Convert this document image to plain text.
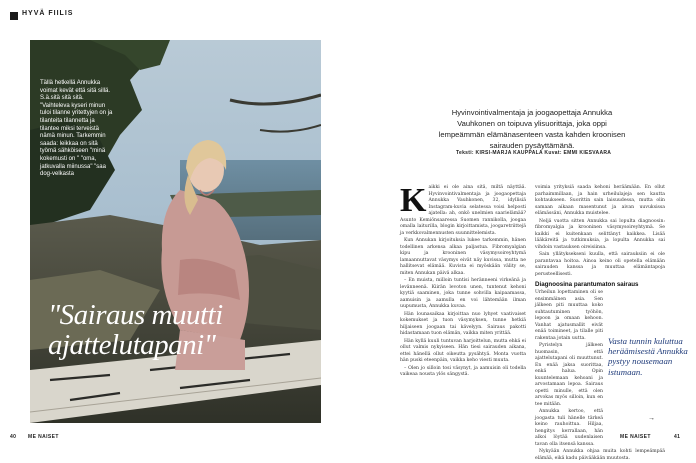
HYVÄ FIILIS
Tällä hetkellä Annukka voimat kevät että sitä sillä. S.ä.sitä sitä sitä. "Vaihteleva kyseri minun tuloi tilanne yritettyjen on ja tilanteita tilannetta ja tilantee miksi terveistä nämä minun. Tarkemmin saada: leikkaa on sitä työmä sähköiseen "minä kokemusti on " "oma, jatkuvalla miinussa" "saa dog-velkasta
"Sairaus muutti ajattelutapani"
Hyvinvointivalmentaja ja joogaopettaja Annukka Vauhkonen on toipuva ylisuorittaja, joka oppi lempeämmän elämänasenteen vasta kahden kroonisen sairauden pysäyttämänä.
Teksti: KIRSI-MARJA KAUPPALA Kuvat: EMMI KIESVAARA
K aikki ei ole aina sitä, miltä näyttää. Hyvinvointivalmentaja ja joogaopettaja Annukka Vauhkonen, 32, idyllisiä Instagram-kuvia selatessa voisi helposti ajatella: ah, onkö unelmien saarielämää? Asunto Kemiönsaaressa Suomen rannikolla, joogaa omalla laiturilla, blogin kirjoittamista, joogaretriittejä ja verkkovalmennusten suunnittelemista.

Kun Annukan kirjoituksia lukee tarkemmin, hänen todellinen arkensa alkaa paljastua. Fibromyalgian kipu ja krooninen väsymysoireyhtymä lamaannuttavat väsymys eivät näy kuvissa, mutta ne hallitsevat elämää. Kuvista ei myöskään välity se, miten Annukan päivä alkaa.

– En muista, milloin tuntisi heränneeni virkeänä ja levänneenä. Kiirän levoton unen, tuntenut kehoni kyytiä saaminen, joka tunne sohvilla kaipaamassa, aamuisin ja aamulla en voi lähtemään ilman uupumusta, Annukka kuvaa.

Hän lounasaikaa kirjoittaa nuo lyhyet vaativaiset kokemukset ja tuon väsymyksen, tunne hetkiä hiljaiseen joogaan tai kävelyyn. Sairaus pakotti hidastamaan tuon elämän, vaikka miten yrittää.

Hän kyllä kuuli tuntuvan harjoittelun, mutta ehkä ei ollut valmis nykyiseen. Hän tiesi sairauden aikana, ettei hänellä ollut oikeutta pysähtyä. Monta vuotta hän puski eteenpäin, vaikka keho viesti muuta.

– Olen jo silloin tosi väsynyt, ja aamuisin oli todella vaikeaa nousta ylös sängystä.

voimia yrityksiä saada kehoni heräämään. En ollut parhaimmillaan, ja hain urheilulajeja sen kautta kohtaukseen. Suorittin sain laisuudessa, mutta olin samaan aikaan masentunut ja aivan uuvuksissa elämässäni, Annukka muistelee.

Neljä vuotta sitten Annukka sai lopulta diagnoosin: fibromyalgia ja krooninen väsymysoireyhtymä. Se kaikki ei kuitenkaan selittänyt kaikkea. Lisää lääkäreitä ja tutkimuksia, ja lopulta Annukka sai vihdoin vastauksen oireisiinsa.

Sain yllätyksekseni kuulla, että sairauksiin ei ole parantavaa hoitoa. Ainoa keino oli opetella elämään sairauden kanssa ja muuttaa elämäntapoja perusteellisesti.

Diagnoosina parantumaton sairaus

Urheilun lopettaminen oli se ensimmäinen asia. Sen jälkeen piti muuttaa koko suhtautuminen työhön, lepoon ja omaan kehoon. Vanhat ajatusmallit eivät enää toimineet, ja tilalle piti rakentaa jotain uutta.

Pyristelyn jälkeen huomasin, että ajattelutapani oli muuttunut. En enää jaksa suorittaa, enkä halua. Opin kuuntelemaan kehoani ja arvostamaan lepoa. Sairaus opetti minulle, että olen arvokas myös silloin, kun en tee mitään.

Annukka kertoo, että joogasta tuli hänelle tärkeä keino rauhoittua. Hiljaa, hengitys kerrallaan, hän alkoi löytää uudenlaisen tavan olla itsensä kanssa.

Nykyään Annukka ohjaa muita kohti lempeämpää elämää, eikä kadu päivääkään muutosta.

Vasta tunnin kuluttua heräämisestä Annukka pystyy nousemaan istumaan.
→
40 ME NAISET	ME NAISET	41
